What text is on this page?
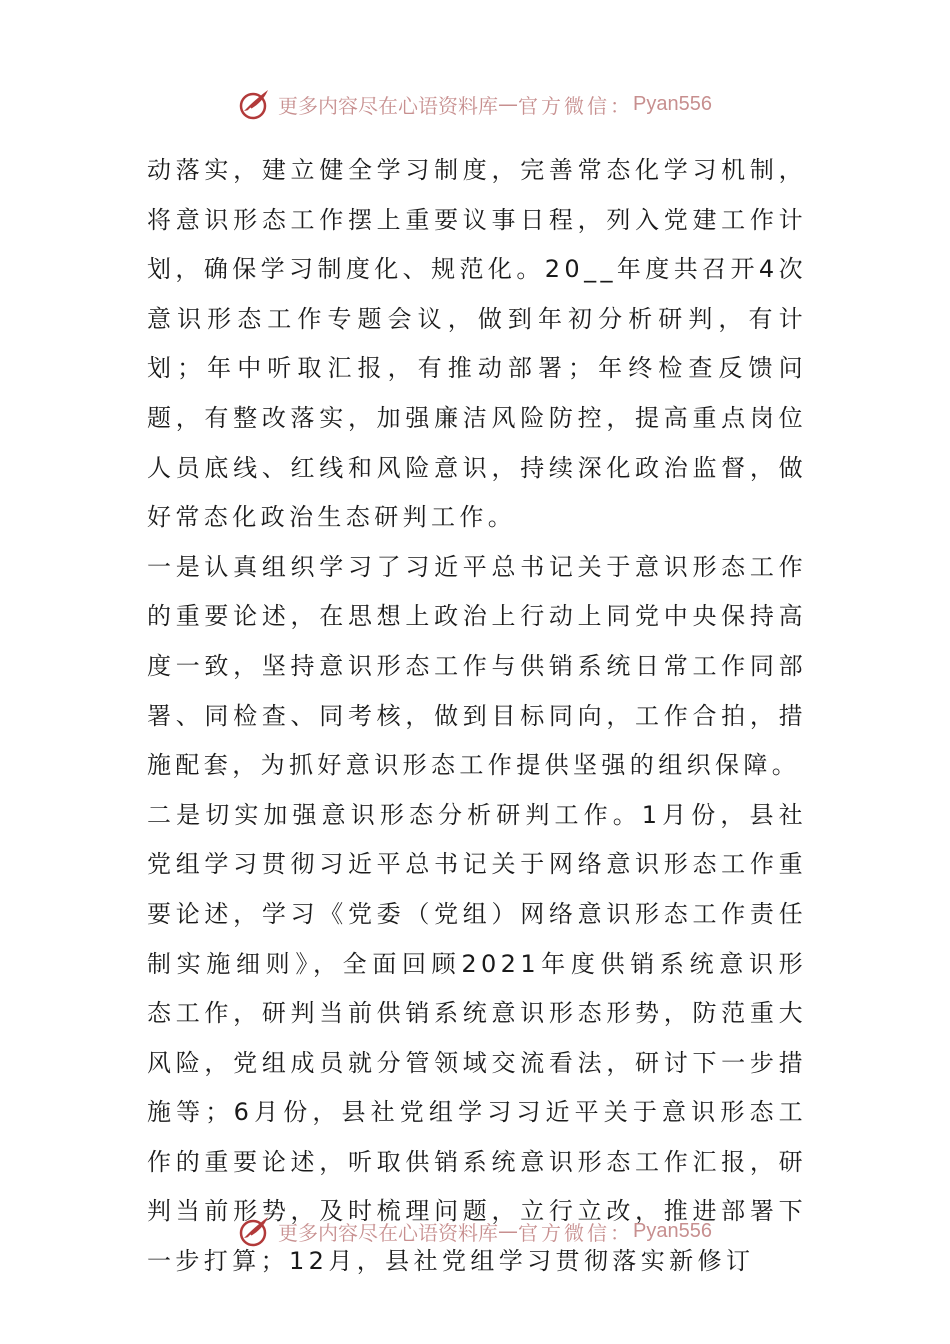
更多内容尽在心语资料库 — 官方微信： Pyan556

动落实，建立健全学习制度，完善常态化学习机制，将意识形态工作摆上重要议事日程，列入党建工作计划，确保学习制度化、规范化。20__年度共召开4次意识形态工作专题会议，做到年初分析研判，有计划；年中听取汇报，有推动部署；年终检查反馈问题，有整改落实，加强廉洁风险防控，提高重点岗位人员底线、红线和风险意识，持续深化政治监督，做好常态化政治生态研判工作。

一是认真组织学习了习近平总书记关于意识形态工作的重要论述，在思想上政治上行动上同党中央保持高度一致，坚持意识形态工作与供销系统日常工作同部署、同检查、同考核，做到目标同向，工作合拍，措施配套，为抓好意识形态工作提供坚强的组织保障。

二是切实加强意识形态分析研判工作。1月份，县社党组学习贯彻习近平总书记关于网络意识形态工作重要论述，学习《党委（党组）网络意识形态工作责任制实施细则》，全面回顾2021年度供销系统意识形态工作，研判当前供销系统意识形态形势，防范重大风险，党组成员就分管领域交流看法，研讨下一步措施等；6月份，县社党组学习习近平关于意识形态工作的重要论述，听取供销系统意识形态工作汇报，研判当前形势，及时梳理问题，立行立改，推进部署下一步打算；12月，县社党组学习贯彻落实新修订

更多内容尽在心语资料库 — 官方微信： Pyan556
